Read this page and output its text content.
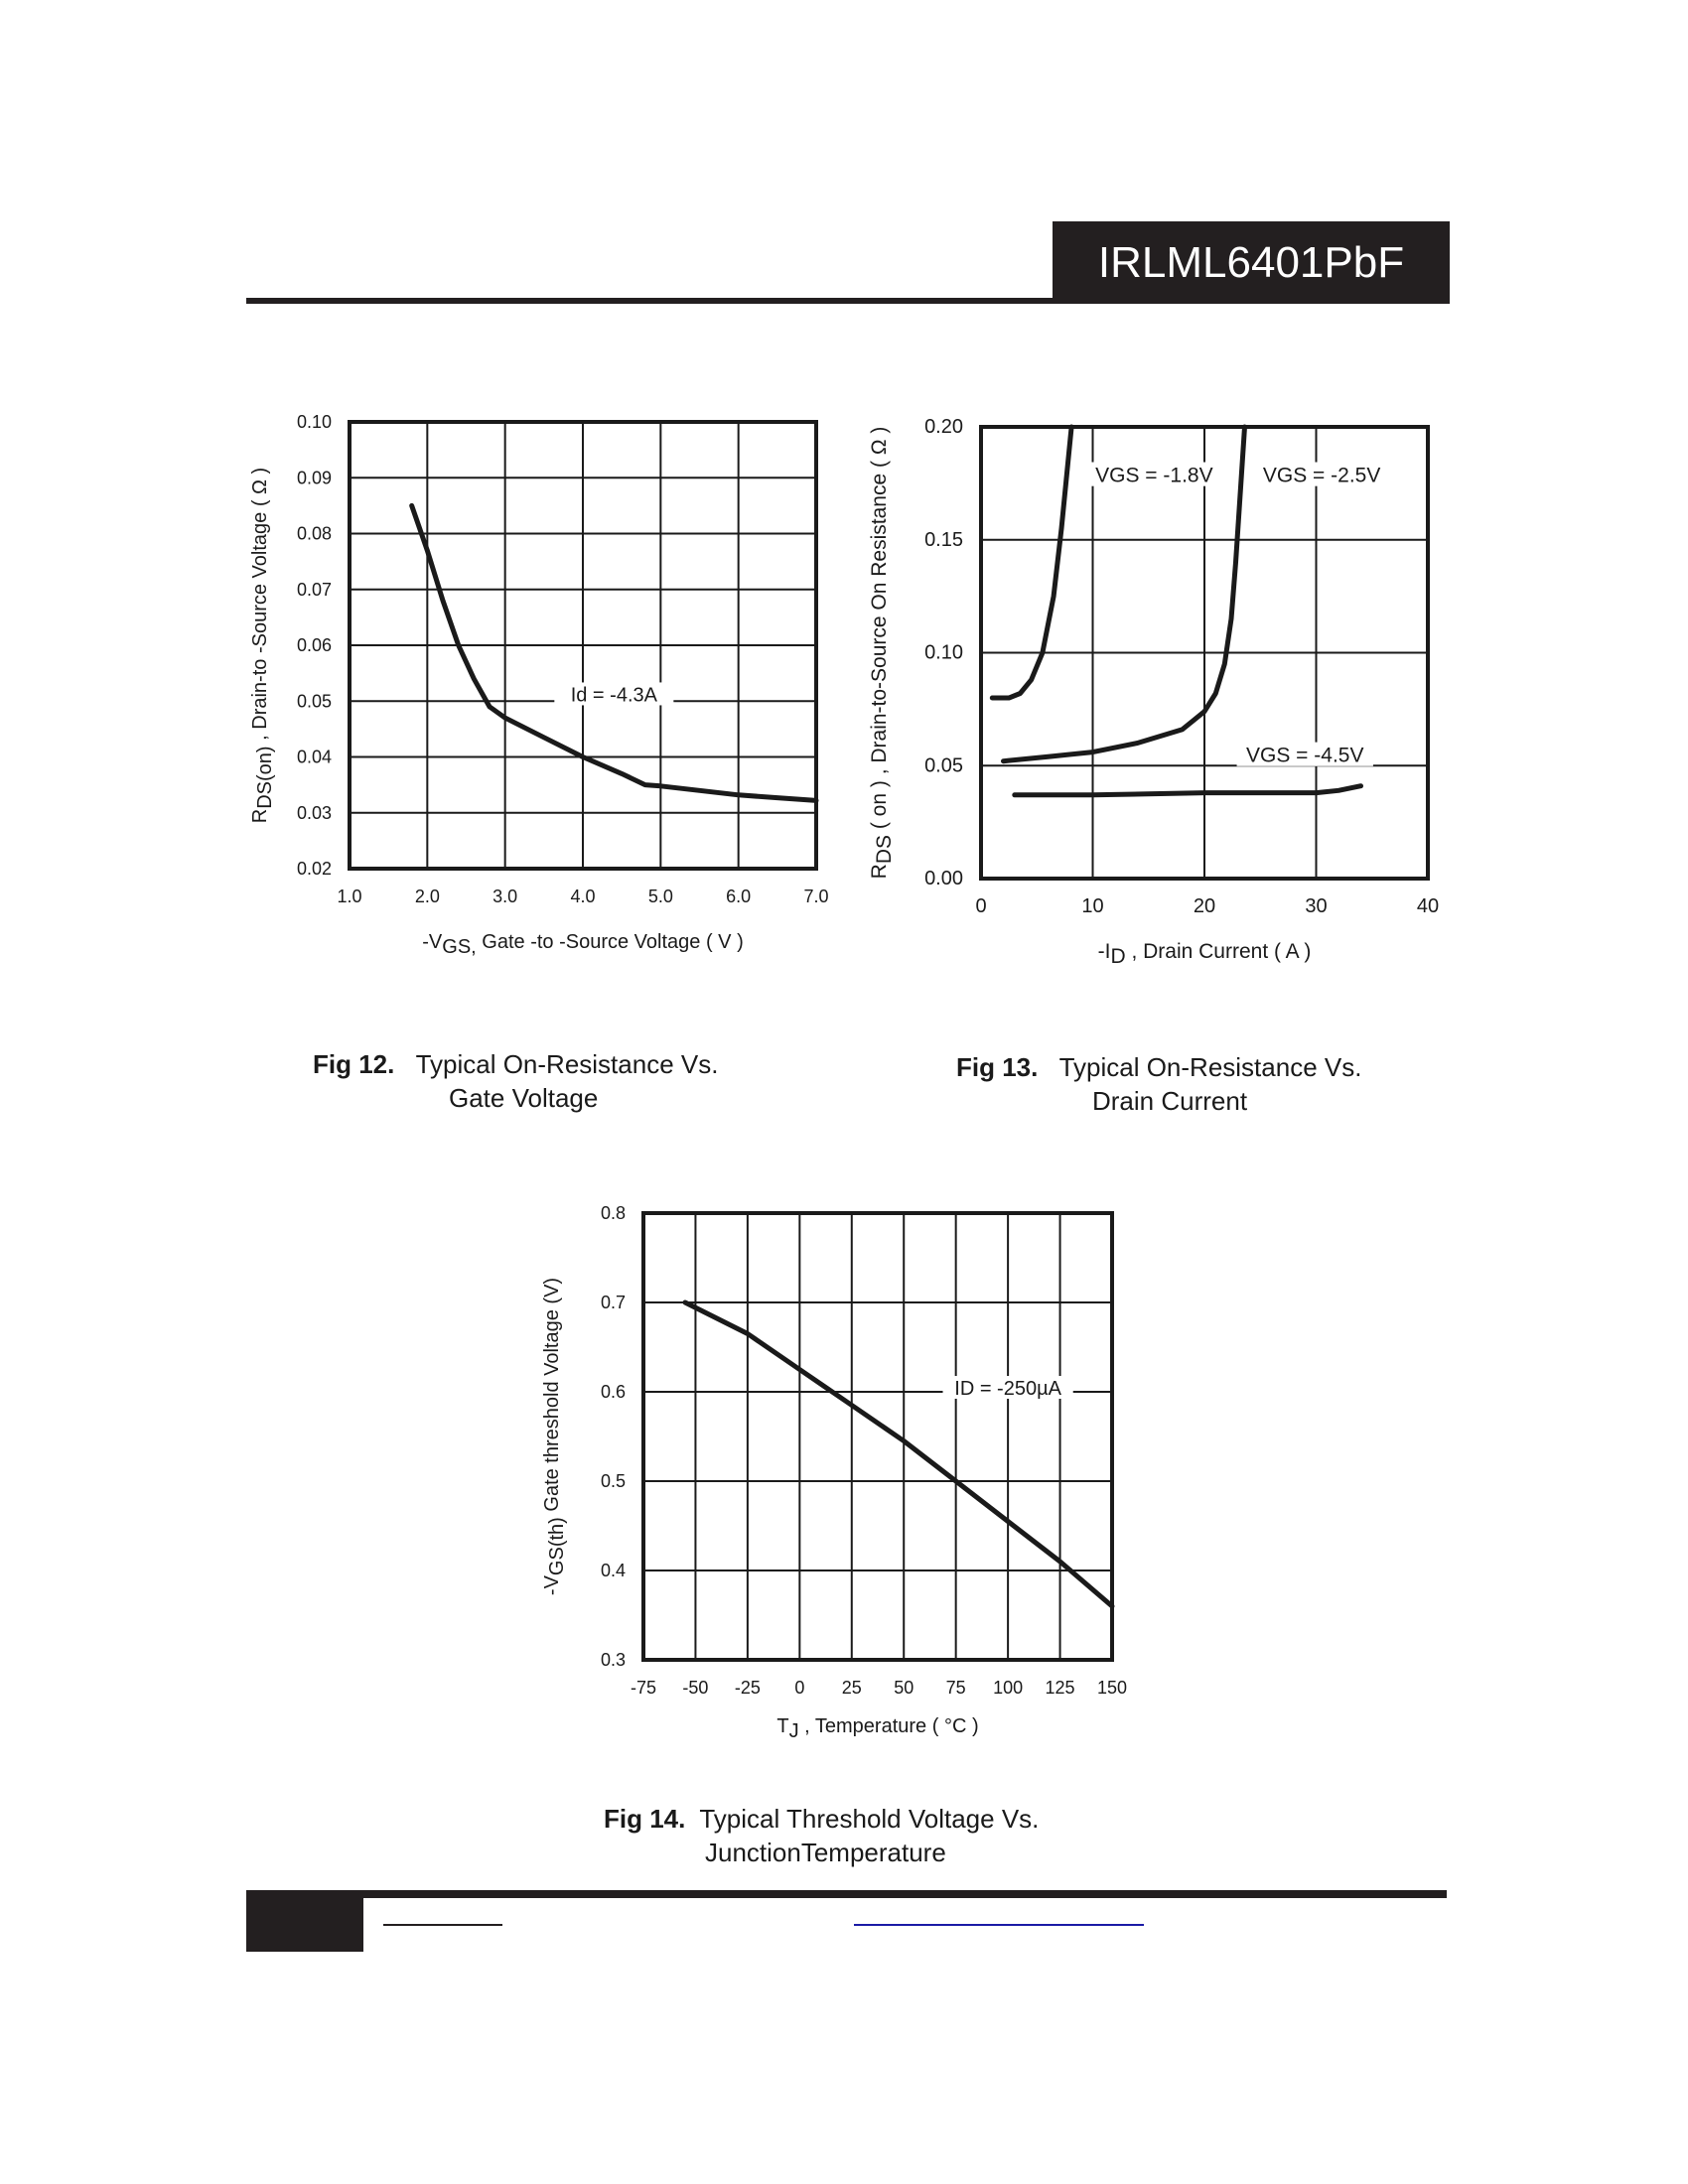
IRLML6401PbF
1.0	2.0	3.0	4.0	5.0	6.0	7.0
0.02
0.03
0.04
0.05
0.06
0.07
0.08
0.09
0.10
-VGS, Gate -to -Source Voltage ( V )
RDS(on) , Drain-to -Source Voltage ( Ω )	Id = -4.3A
0	10	20	30	40
0.00
0.05
0.10
0.15
0.20
-ID , Drain Current ( A )
RDS ( on ) , Drain-to-Source On Resistance ( Ω )	VGS = -1.8V VGS = -2.5V
VGS = -4.5V
-75 -50 -25 0 25 50 75 100 125 150
0.3
0.4
0.5
0.6
0.7
0.8
TJ , Temperature ( °C )
-VGS(th) Gate threshold Voltage (V)	ID = -250µA
Fig 12. Typical On-Resistance Vs.
Gate Voltage
Fig 13. Typical On-Resistance Vs.
Drain Current
Fig 14. Typical Threshold Voltage Vs.
JunctionTemperature
